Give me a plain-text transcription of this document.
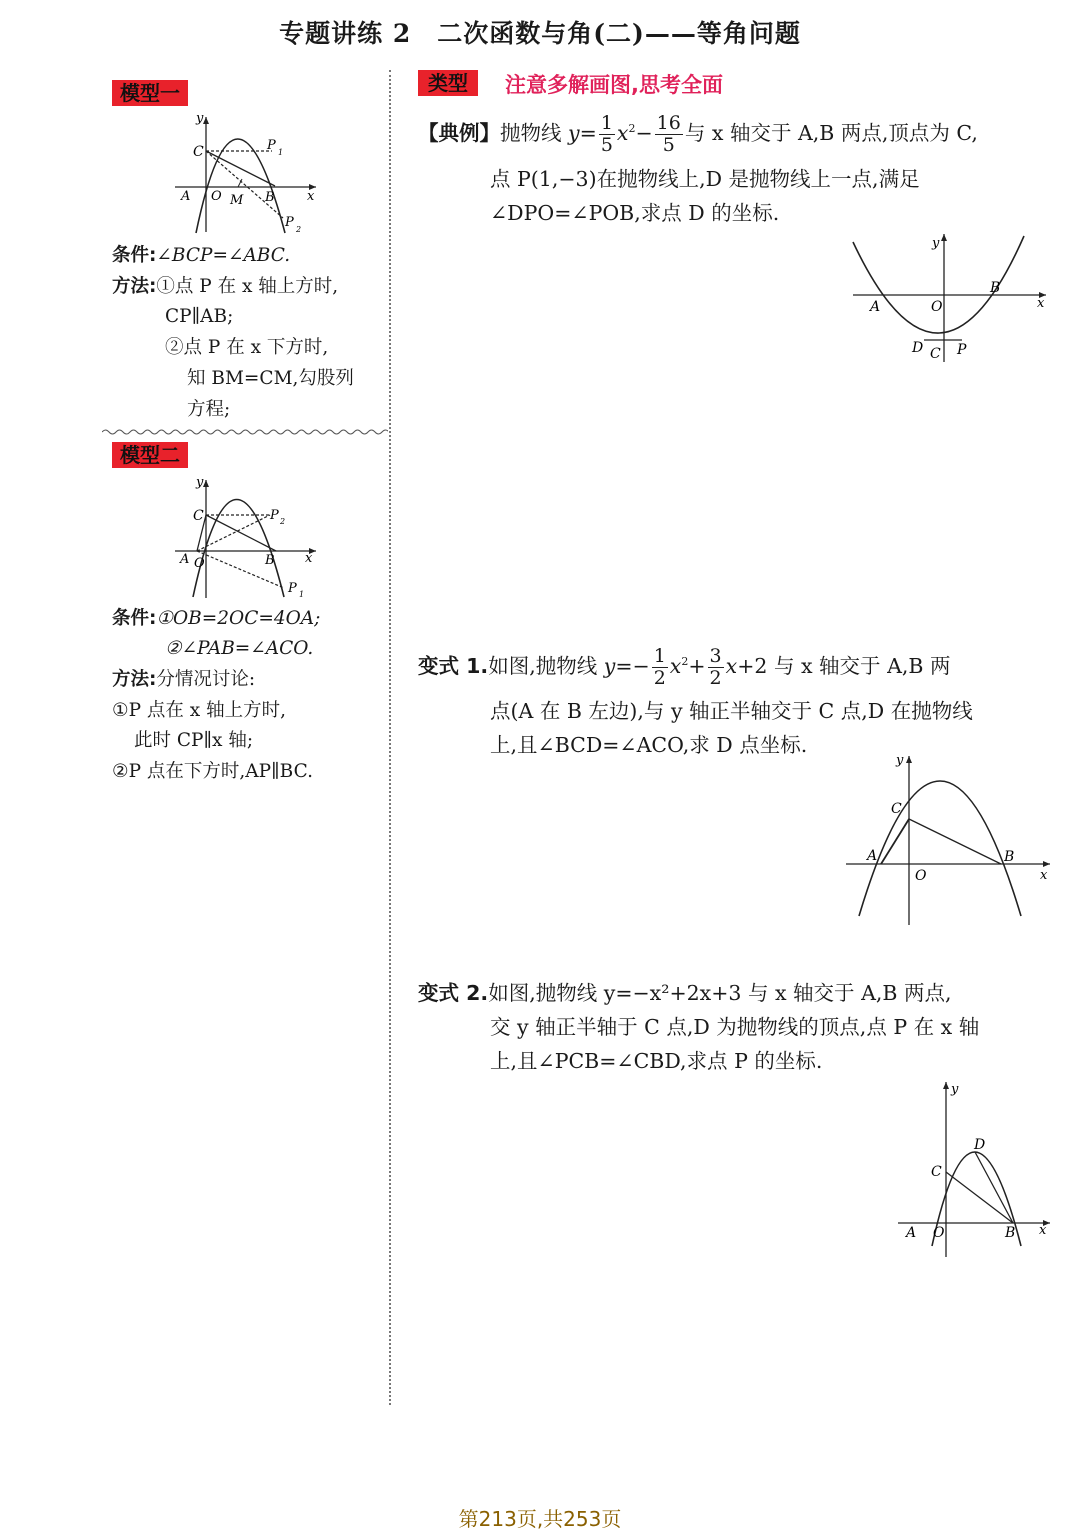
专题讲练 2 二次函数与角(二)——等角问题
模型一
y
x
C	P 1
A O M B
P 2
条件:∠BCP=∠ABC.
方法:①点 P 在 x 轴上方时,
CP∥AB;
②点 P 在 x 下方时,
知 BM=CM,勾股列
方程;
模型二
y
x
C	P 2
A O	B
P 1
条件:①OB=2OC=4OA;
②∠PAB=∠ACO.
方法:分情况讨论:
①P 点在 x 轴上方时,
此时 CP∥x 轴;
②P 点在下方时,AP∥BC.
类型	注意多解画图,思考全面
【典例】抛物线 $y= \frac{1}{5} x^2- \frac{16}{5}$ 与 x 轴交于 A,B 两点,顶点为 C,
点 P(1,−3)在抛物线上,D 是抛物线上一点,满足
∠DPO=∠POB,求点 D 的坐标.
y
x
A	O
B
D C P
变式 1.如图,抛物线 $y=- \frac{1}{2} x^2+ \frac{3}{2} x+2$ 与 x 轴交于 A,B 两
点(A 在 B 左边),与 y 轴正半轴交于 C 点,D 在抛物线
上,且∠BCD=∠ACO,求 D 点坐标.
y
x
C
A	B
O
变式 2.如图,抛物线 y=−x²+2x+3 与 x 轴交于 A,B 两点,
交 y 轴正半轴于 C 点,D 为抛物线的顶点,点 P 在 x 轴
上,且∠PCB=∠CBD,求点 P 的坐标.
y
x
D
C
A O	B
第213页,共253页
